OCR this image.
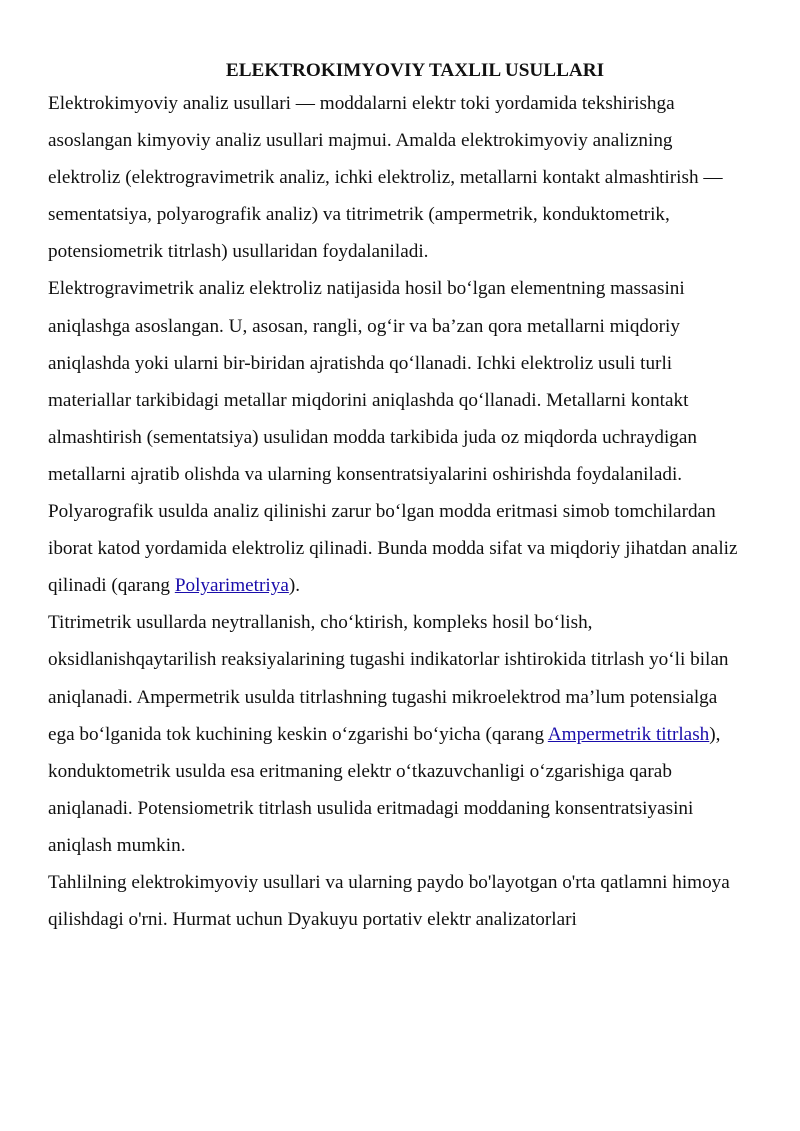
ELEKTROKIMYOVIY TAXLIL USULLARI

Elektrokimyoviy analiz usullari — moddalarni elektr toki yordamida tekshirishga asoslangan kimyoviy analiz usullari majmui. Amalda elektrokimyoviy analizning elektroliz (elektrogravimetrik analiz, ichki elektroliz, metallarni kontakt almashtirish — sementatsiya, polyarografik analiz) va titrimetrik (ampermetrik, konduktometrik, potensiometrik titrlash) usullaridan foydalaniladi.

Elektrogravimetrik analiz elektroliz natijasida hosil boʻlgan elementning massasini aniqlashga asoslangan. U, asosan, rangli, ogʻir va baʼzan qora metallarni miqdoriy aniqlashda yoki ularni bir-biridan ajratishda qoʻllanadi. Ichki elektroliz usuli turli materiallar tarkibidagi metallar miqdorini aniqlashda qoʻllanadi. Metallarni kontakt almashtirish (sementatsiya) usulidan modda tarkibida juda oz miqdorda uchraydigan metallarni ajratib olishda va ularning konsentratsiyalarini oshirishda foydalaniladi. Polyarografik usulda analiz qilinishi zarur boʻlgan modda eritmasi simob tomchilardan iborat katod yordamida elektroliz qilinadi. Bunda modda sifat va miqdoriy jihatdan analiz qilinadi (qarang Polyarimetriya).

Titrimetrik usullarda neytrallanish, choʻktirish, kompleks hosil boʻlish, oksidlanishqaytarilish reaksiyalarining tugashi indikatorlar ishtirokida titrlash yoʻli bilan aniqlanadi. Ampermetrik usulda titrlashning tugashi mikroelektrod maʼlum potensialga ega boʻlganida tok kuchining keskin oʻzgarishi boʻyicha (qarang Ampermetrik titrlash), konduktometrik usulda esa eritmaning elektr oʻtkazuvchanligi oʻzgarishiga qarab aniqlanadi. Potensiometrik titrlash usulida eritmadagi moddaning konsentratsiyasini aniqlash mumkin.

Tahlilning elektrokimyoviy usullari va ularning paydo bo'layotgan o'rta qatlamni himoya qilishdagi o'rni. Hurmat uchun Dyakuyu portativ elektr analizatorlari
